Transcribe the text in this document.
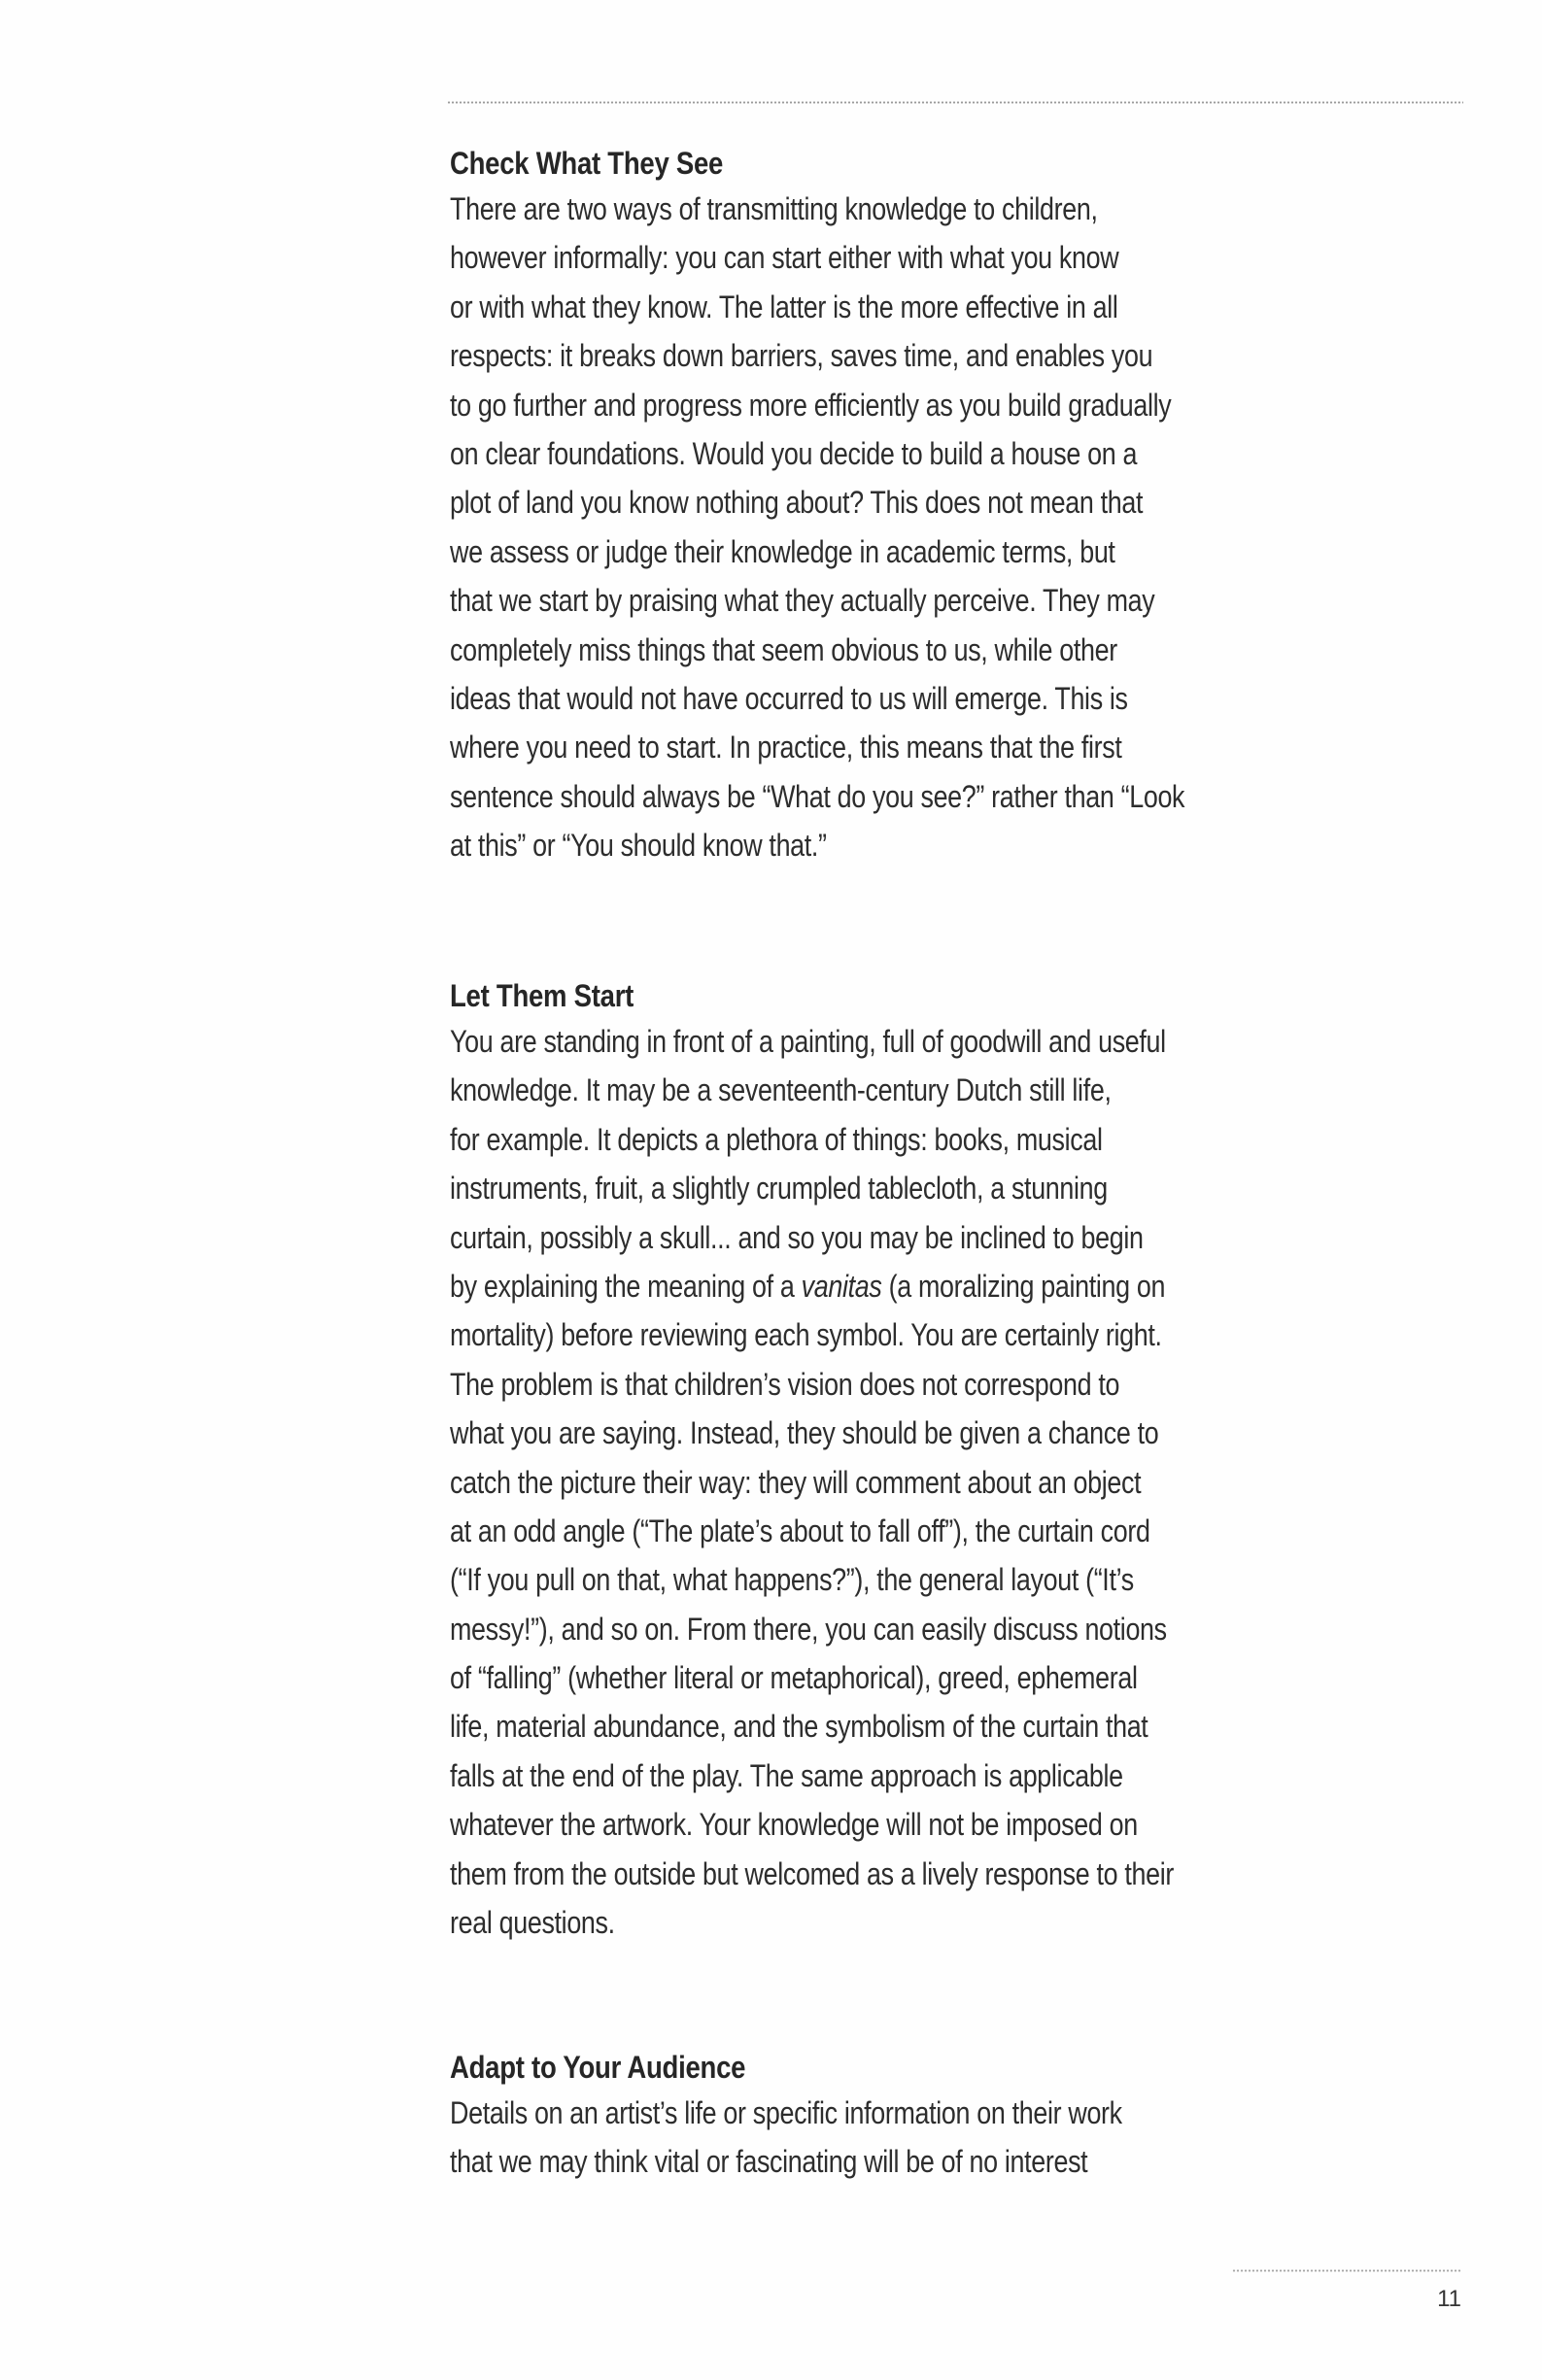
Check What They See

There are two ways of transmitting knowledge to children,
however informally: you can start either with what you know
or with what they know. The latter is the more effective in all
respects: it breaks down barriers, saves time, and enables you
to go further and progress more efficiently as you build gradually
on clear foundations. Would you decide to build a house on a
plot of land you know nothing about? This does not mean that
we assess or judge their knowledge in academic terms, but
that we start by praising what they actually perceive. They may
completely miss things that seem obvious to us, while other
ideas that would not have occurred to us will emerge. This is
where you need to start. In practice, this means that the first
sentence should always be “What do you see?” rather than “Look
at this” or “You should know that.”

Let Them Start

You are standing in front of a painting, full of goodwill and useful
knowledge. It may be a seventeenth-century Dutch still life,
for example. It depicts a plethora of things: books, musical
instruments, fruit, a slightly crumpled tablecloth, a stunning
curtain, possibly a skull... and so you may be inclined to begin
by explaining the meaning of a vanitas (a moralizing painting on
mortality) before reviewing each symbol. You are certainly right.
The problem is that children’s vision does not correspond to
what you are saying. Instead, they should be given a chance to
catch the picture their way: they will comment about an object
at an odd angle (“The plate’s about to fall off”), the curtain cord
(“If you pull on that, what happens?”), the general layout (“It’s
messy!”), and so on. From there, you can easily discuss notions
of “falling” (whether literal or metaphorical), greed, ephemeral
life, material abundance, and the symbolism of the curtain that
falls at the end of the play. The same approach is applicable
whatever the artwork. Your knowledge will not be imposed on
them from the outside but welcomed as a lively response to their
real questions.

Adapt to Your Audience

Details on an artist’s life or specific information on their work
that we may think vital or fascinating will be of no interest

11
